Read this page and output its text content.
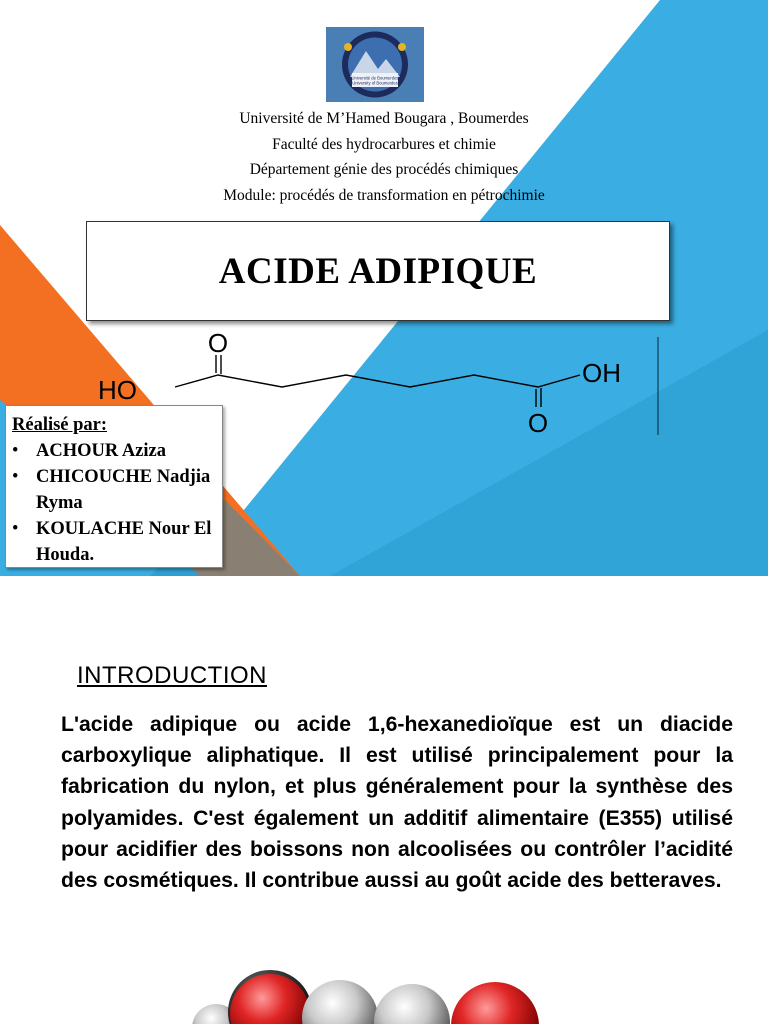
Université de Boumerdes
University of Boumerdes
Université de M’Hamed Bougara , Boumerdes
Faculté des hydrocarbures et chimie
Département génie des procédés chimiques
Module: procédés de transformation en pétrochimie
ACIDE ADIPIQUE
O
HO
OH
O
Réalisé par:
• ACHOUR Aziza
• CHICOUCHE Nadjia Ryma
• KOULACHE Nour El Houda.
INTRODUCTION
L'acide adipique ou acide 1,6-hexanedioïque est un diacide carboxylique aliphatique. Il est utilisé principalement pour la fabrication du nylon, et plus généralement pour la synthèse des polyamides. C'est également un additif alimentaire (E355) utilisé pour acidifier des boissons non alcoolisées ou contrôler l’acidité des cosmétiques. Il contribue aussi au goût acide des betteraves.
